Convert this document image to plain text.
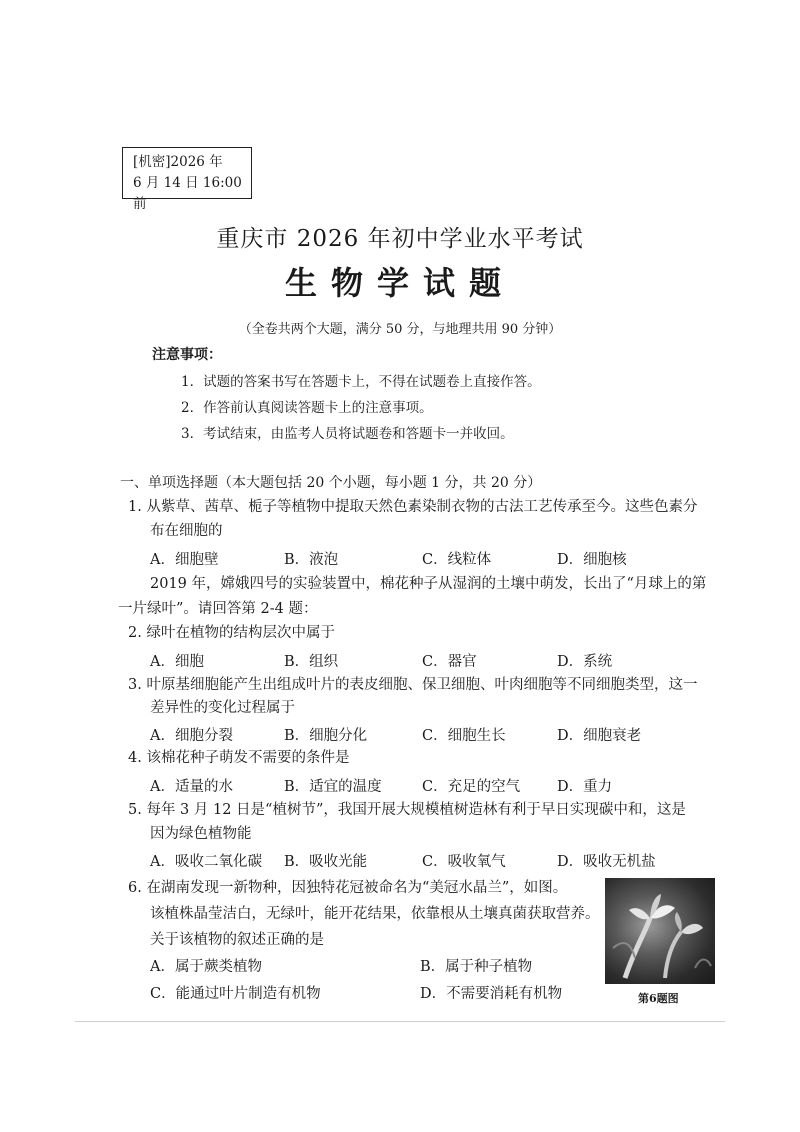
[机密]2026 年
6 月 14 日 16:00 前
重庆市 2026 年初中学业水平考试
生物学试题
（全卷共两个大题，满分 50 分，与地理共用 90 分钟）
注意事项：
1．试题的答案书写在答题卡上，不得在试题卷上直接作答。
2．作答前认真阅读答题卡上的注意事项。
3．考试结束，由监考人员将试题卷和答题卡一并收回。
一、单项选择题（本大题包括 20 个小题，每小题 1 分，共 20 分）
1. 从紫草、茜草、栀子等植物中提取天然色素染制衣物的古法工艺传承至今。这些色素分
布在细胞的
A．细胞壁	B．液泡	C．线粒体	D．细胞核
2019 年，嫦娥四号的实验装置中，棉花种子从湿润的土壤中萌发，长出了“月球上的第
一片绿叶”。请回答第 2-4 题：
2. 绿叶在植物的结构层次中属于
A．细胞	B．组织	C．器官	D．系统
3. 叶原基细胞能产生出组成叶片的表皮细胞、保卫细胞、叶肉细胞等不同细胞类型，这一
差异性的变化过程属于
A．细胞分裂	B．细胞分化	C．细胞生长	D．细胞衰老
4. 该棉花种子萌发不需要的条件是
A．适量的水	B．适宜的温度	C．充足的空气	D．重力
5. 每年 3 月 12 日是“植树节”，我国开展大规模植树造林有利于早日实现碳中和，这是
因为绿色植物能
A．吸收二氧化碳 B．吸收光能	C．吸收氧气	D．吸收无机盐
6. 在湖南发现一新物种，因独特花冠被命名为“美冠水晶兰”，如图。
该植株晶莹洁白，无绿叶，能开花结果，依靠根从土壤真菌获取营养。
关于该植物的叙述正确的是
A．属于蕨类植物	B．属于种子植物
C．能通过叶片制造有机物	D．不需要消耗有机物	第6题图
